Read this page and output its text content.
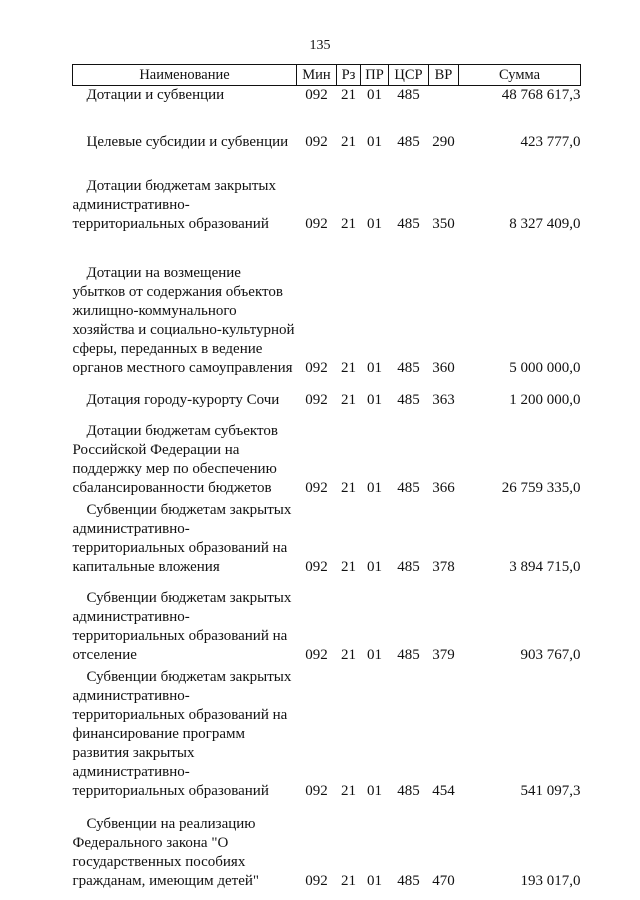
135
Наименование	Мин	Рз	ПР	ЦСР	ВР	Сумма
Дотации и субвенции	092	21	01	485		48 768 617,3
Целевые субсидии и субвенции	092	21	01	485	290	423 777,0
Дотации бюджетам закрытых административно-территориальных образований	092	21	01	485	350	8 327 409,0
Дотации на возмещение убытков от содержания объектов жилищно-коммунального хозяйства и социально-культурной сферы, переданных в ведение органов местного самоуправления	092	21	01	485	360	5 000 000,0
Дотация городу-курорту Сочи	092	21	01	485	363	1 200 000,0
Дотации бюджетам субъектов Российской Федерации на поддержку мер по обеспечению сбалансированности бюджетов	092	21	01	485	366	26 759 335,0
Субвенции бюджетам закрытых административно-территориальных образований на капитальные вложения	092	21	01	485	378	3 894 715,0
Субвенции бюджетам закрытых административно-территориальных образований на отселение	092	21	01	485	379	903 767,0
Субвенции бюджетам закрытых административно-территориальных образований на финансирование программ развития закрытых административно-территориальных образований	092	21	01	485	454	541 097,3
Субвенции на реализацию Федерального закона "О государственных пособиях гражданам, имеющим детей"	092	21	01	485	470	193 017,0
